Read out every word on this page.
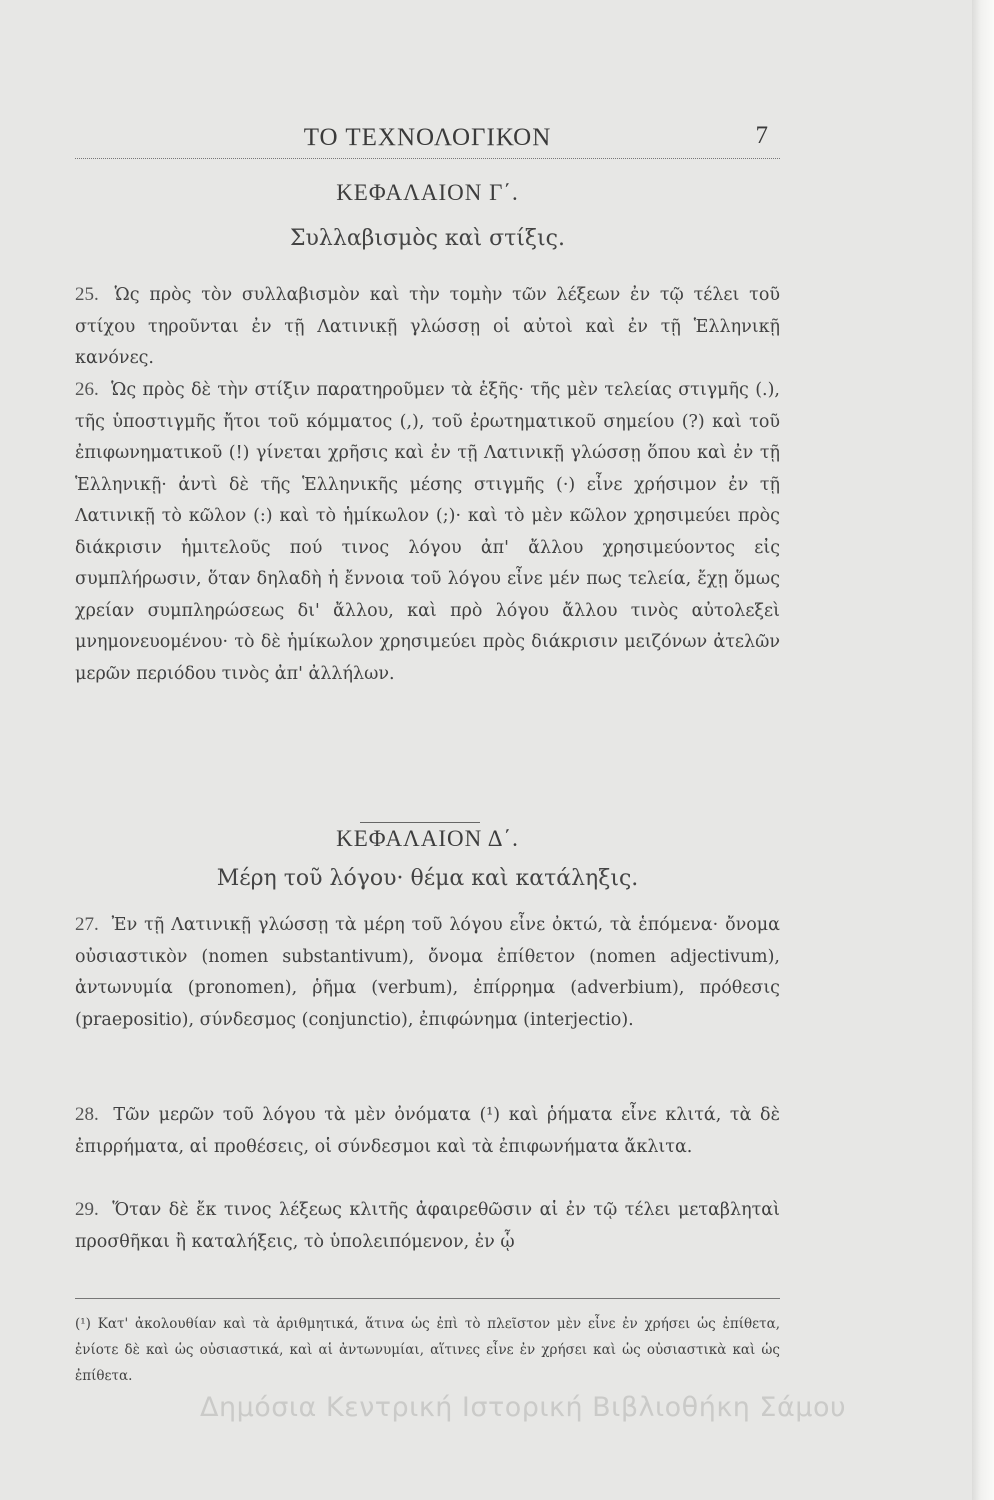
ΤΟ ΤΕΧΝΟΛΟΓΙΚΟΝ	7
ΚΕΦΑΛΑΙΟΝ Γ΄.
Συλλαβισμὸς καὶ στίξις.
25. Ὡς πρὸς τὸν συλλαβισμὸν καὶ τὴν τομὴν τῶν λέξεων ἐν τῷ τέλει τοῦ στίχου τηροῦνται ἐν τῇ Λατινικῇ γλώσσῃ οἱ αὐτοὶ καὶ ἐν τῇ Ἑλληνικῇ κανόνες.
26. Ὡς πρὸς δὲ τὴν στίξιν παρατηροῦμεν τὰ ἑξῆς· τῆς μὲν τελείας στιγμῆς (.), τῆς ὑποστιγμῆς ἤτοι τοῦ κόμματος (,), τοῦ ἐρωτηματικοῦ σημείου (?) καὶ τοῦ ἐπιφωνηματικοῦ (!) γίνεται χρῆσις καὶ ἐν τῇ Λατινικῇ γλώσσῃ ὅπου καὶ ἐν τῇ Ἑλληνικῇ· ἀντὶ δὲ τῆς Ἑλληνικῆς μέσης στιγμῆς (·) εἶνε χρήσιμον ἐν τῇ Λατινικῇ τὸ κῶλον (:) καὶ τὸ ἡμίκωλον (;)· καὶ τὸ μὲν κῶλον χρησιμεύει πρὸς διάκρισιν ἡμιτελοῦς πού τινος λόγου ἀπ' ἄλλου χρησιμεύοντος εἰς συμπλήρωσιν, ὅταν δηλαδὴ ἡ ἔννοια τοῦ λόγου εἶνε μέν πως τελεία, ἔχῃ ὅμως χρείαν συμπληρώσεως δι' ἄλλου, καὶ πρὸ λόγου ἄλλου τινὸς αὐτολεξεὶ μνημονευομένου· τὸ δὲ ἡμίκωλον χρησιμεύει πρὸς διάκρισιν μειζόνων ἀτελῶν μερῶν περιόδου τινὸς ἀπ' ἀλλήλων.
ΚΕΦΑΛΑΙΟΝ Δ΄.
Μέρη τοῦ λόγου· θέμα καὶ κατάληξις.
27. Ἐν τῇ Λατινικῇ γλώσσῃ τὰ μέρη τοῦ λόγου εἶνε ὀκτώ, τὰ ἑπόμενα· ὄνομα οὐσιαστικὸν (nomen substantivum), ὄνομα ἐπίθετον (nomen adjectivum), ἀντωνυμία (pronomen), ῥῆμα (verbum), ἐπίρρημα (adverbium), πρόθεσις (praepositio), σύνδεσμος (conjunctio), ἐπιφώνημα (interjectio).
28. Τῶν μερῶν τοῦ λόγου τὰ μὲν ὀνόματα (¹) καὶ ῥήματα εἶνε κλιτά, τὰ δὲ ἐπιρρήματα, αἱ προθέσεις, οἱ σύνδεσμοι καὶ τὰ ἐπιφωνήματα ἄκλιτα.
29. Ὅταν δὲ ἔκ τινος λέξεως κλιτῆς ἀφαιρεθῶσιν αἱ ἐν τῷ τέλει μεταβληταὶ προσθῆκαι ἢ καταλήξεις, τὸ ὑπολειπόμενον, ἐν ᾧ
(¹) Κατ' ἀκολουθίαν καὶ τὰ ἀριθμητικά, ἅτινα ὡς ἐπὶ τὸ πλεῖστον μὲν εἶνε ἐν χρήσει ὡς ἐπίθετα, ἐνίοτε δὲ καὶ ὡς οὐσιαστικά, καὶ αἱ ἀντωνυμίαι, αἵτινες εἶνε ἐν χρήσει καὶ ὡς οὐσιαστικὰ καὶ ὡς ἐπίθετα.
Δημόσια Κεντρική Ιστορική Βιβλιοθήκη Σάμου
